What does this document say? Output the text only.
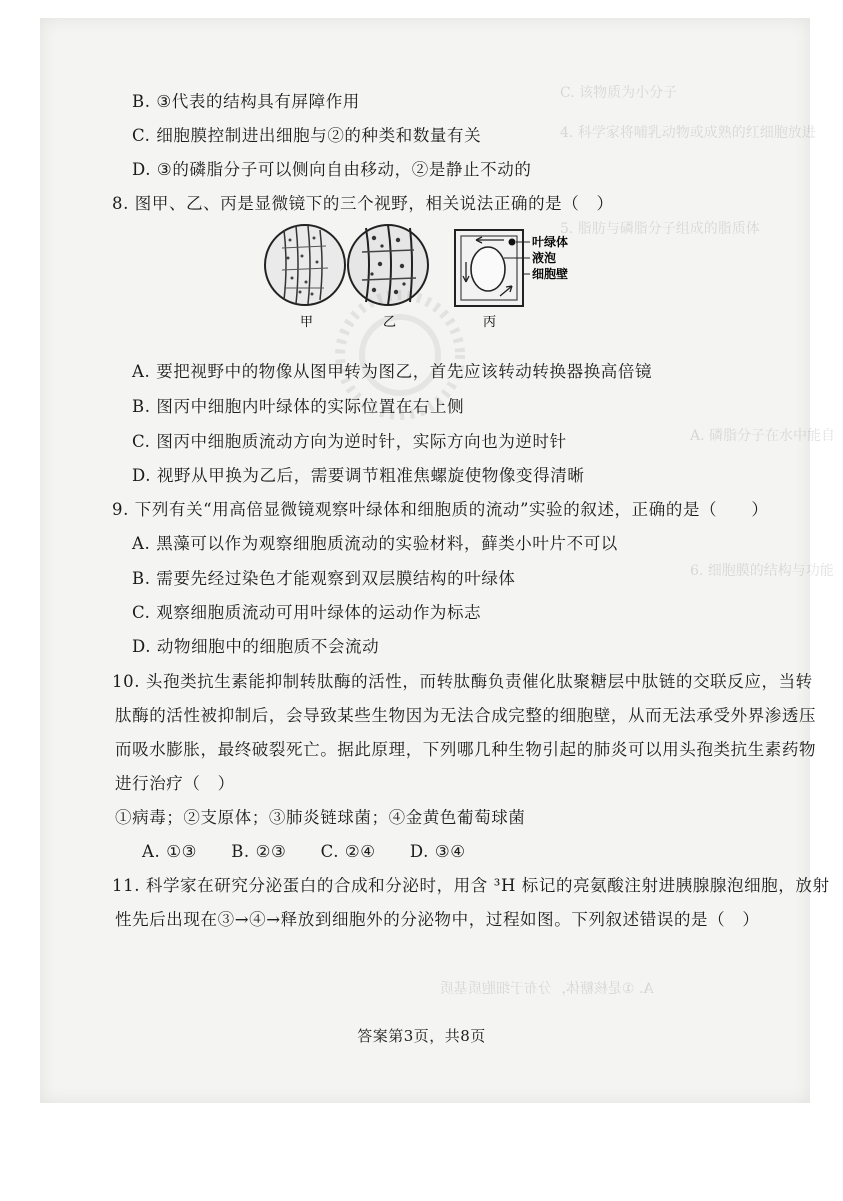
C. 该物质为小分子
4. 科学家将哺乳动物或成熟的红细胞放进
5. 脂肪与磷脂分子组成的脂质体
A. 磷脂分子在水中能自
6. 细胞膜的结构与功能
B. ③代表的结构具有屏障作用
C. 细胞膜控制进出细胞与②的种类和数量有关
D. ③的磷脂分子可以侧向自由移动，②是静止不动的
8. 图甲、乙、丙是显微镜下的三个视野，相关说法正确的是（　）
甲	乙
叶绿体
液泡
细胞壁
丙
A. 要把视野中的物像从图甲转为图乙，首先应该转动转换器换高倍镜
B. 图丙中细胞内叶绿体的实际位置在右上侧
C. 图丙中细胞质流动方向为逆时针，实际方向也为逆时针
D. 视野从甲换为乙后，需要调节粗准焦螺旋使物像变得清晰
9. 下列有关“用高倍显微镜观察叶绿体和细胞质的流动”实验的叙述，正确的是（　　）
A. 黑藻可以作为观察细胞质流动的实验材料，藓类小叶片不可以
B. 需要先经过染色才能观察到双层膜结构的叶绿体
C. 观察细胞质流动可用叶绿体的运动作为标志
D. 动物细胞中的细胞质不会流动
10. 头孢类抗生素能抑制转肽酶的活性，而转肽酶负责催化肽聚糖层中肽链的交联反应，当转
肽酶的活性被抑制后，会导致某些生物因为无法合成完整的细胞壁，从而无法承受外界渗透压
而吸水膨胀，最终破裂死亡。据此原理，下列哪几种生物引起的肺炎可以用头孢类抗生素药物
进行治疗（　）
①病毒；②支原体；③肺炎链球菌；④金黄色葡萄球菌
A. ①③　　B. ②③　　C. ②④　　D. ③④
11. 科学家在研究分泌蛋白的合成和分泌时，用含 ³H 标记的亮氨酸注射进胰腺腺泡细胞，放射
性先后出现在③→④→释放到细胞外的分泌物中，过程如图。下列叙述错误的是（　）
A. ①是核糖体，分布于细胞质基质
答案第3页，共8页
